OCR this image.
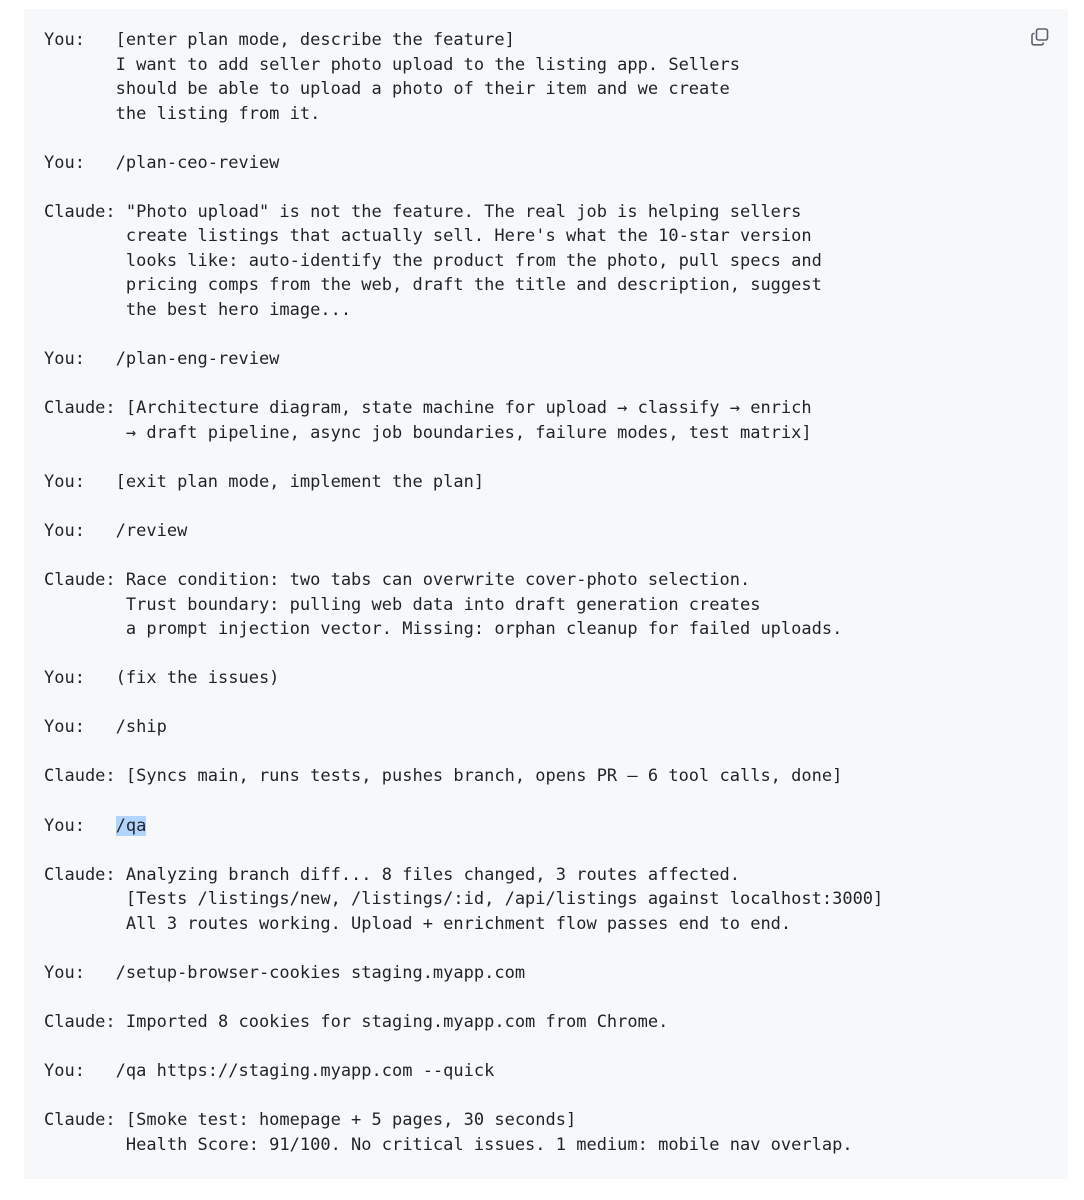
You:   [enter plan mode, describe the feature]
I want to add seller photo upload to the listing app. Sellers
should be able to upload a photo of their item and we create
the listing from it.

You:   /plan-ceo-review

Claude: "Photo upload" is not the feature. The real job is helping sellers
create listings that actually sell. Here's what the 10-star version
looks like: auto-identify the product from the photo, pull specs and
pricing comps from the web, draft the title and description, suggest
the best hero image...

You:   /plan-eng-review

Claude: [Architecture diagram, state machine for upload → classify → enrich
→ draft pipeline, async job boundaries, failure modes, test matrix]

You:   [exit plan mode, implement the plan]

You:   /review

Claude: Race condition: two tabs can overwrite cover-photo selection.
Trust boundary: pulling web data into draft generation creates
a prompt injection vector. Missing: orphan cleanup for failed uploads.

You:   (fix the issues)

You:   /ship

Claude: [Syncs main, runs tests, pushes branch, opens PR — 6 tool calls, done]

You:   /qa

Claude: Analyzing branch diff... 8 files changed, 3 routes affected.
[Tests /listings/new, /listings/:id, /api/listings against localhost:3000]
All 3 routes working. Upload + enrichment flow passes end to end.

You:   /setup-browser-cookies staging.myapp.com

Claude: Imported 8 cookies for staging.myapp.com from Chrome.

You:   /qa https://staging.myapp.com --quick

Claude: [Smoke test: homepage + 5 pages, 30 seconds]
Health Score: 91/100. No critical issues. 1 medium: mobile nav overlap.
